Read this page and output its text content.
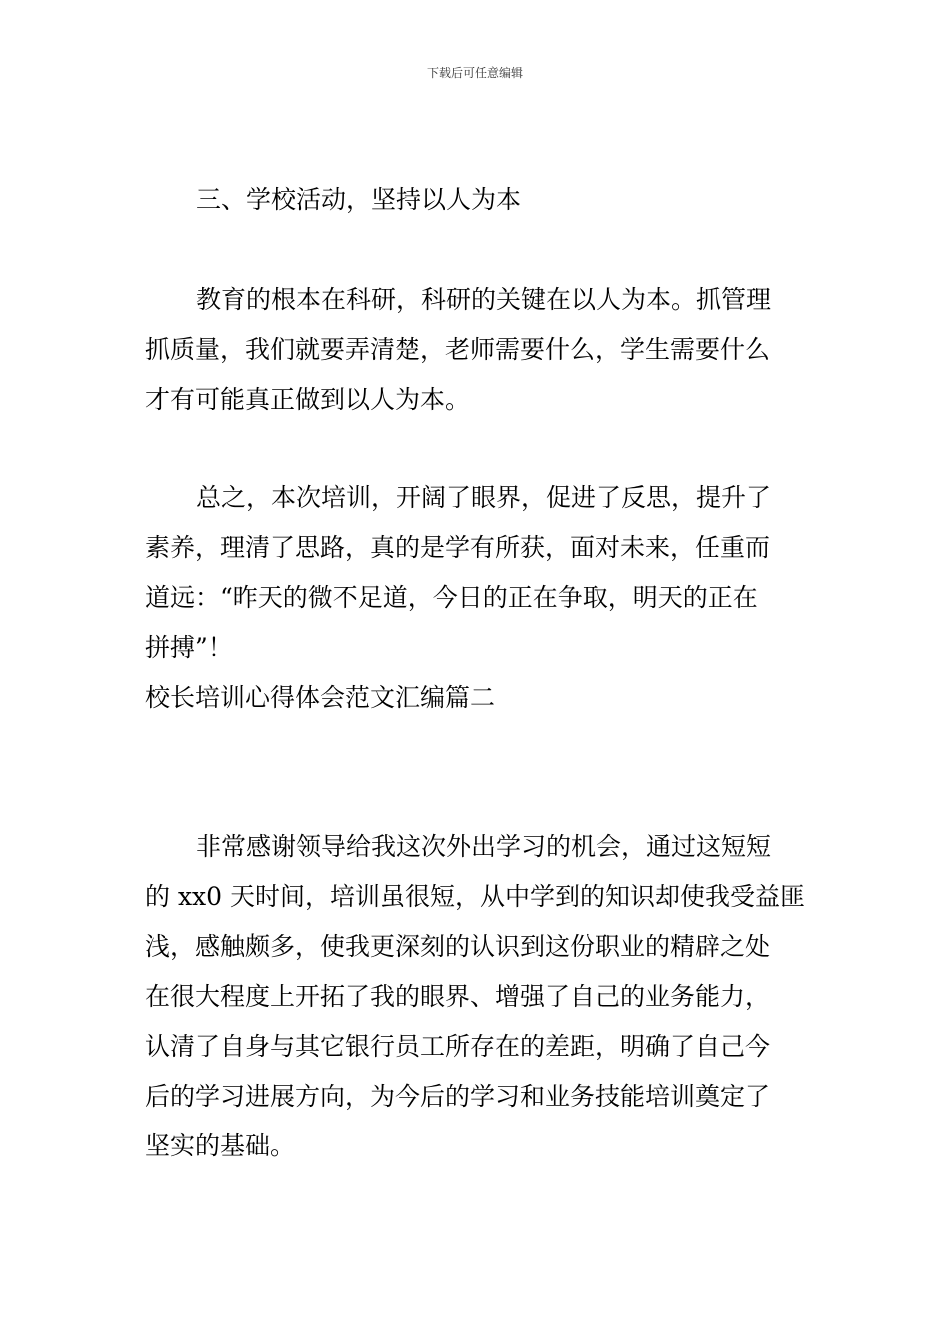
下载后可任意编辑
三、学校活动，坚持以人为本
教育的根本在科研，科研的关键在以人为本。抓管理
抓质量，我们就要弄清楚，老师需要什么，学生需要什么
才有可能真正做到以人为本。
总之，本次培训，开阔了眼界，促进了反思，提升了
素养，理清了思路，真的是学有所获，面对未来，任重而
道远：“昨天的微不足道，今日的正在争取，明天的正在
拼搏”！
校长培训心得体会范文汇编篇二
非常感谢领导给我这次外出学习的机会，通过这短短
的 xx0 天时间，培训虽很短，从中学到的知识却使我受益匪
浅，感触颇多，使我更深刻的认识到这份职业的精辟之处
在很大程度上开拓了我的眼界、增强了自己的业务能力，
认清了自身与其它银行员工所存在的差距，明确了自己今
后的学习进展方向，为今后的学习和业务技能培训奠定了
坚实的基础。
